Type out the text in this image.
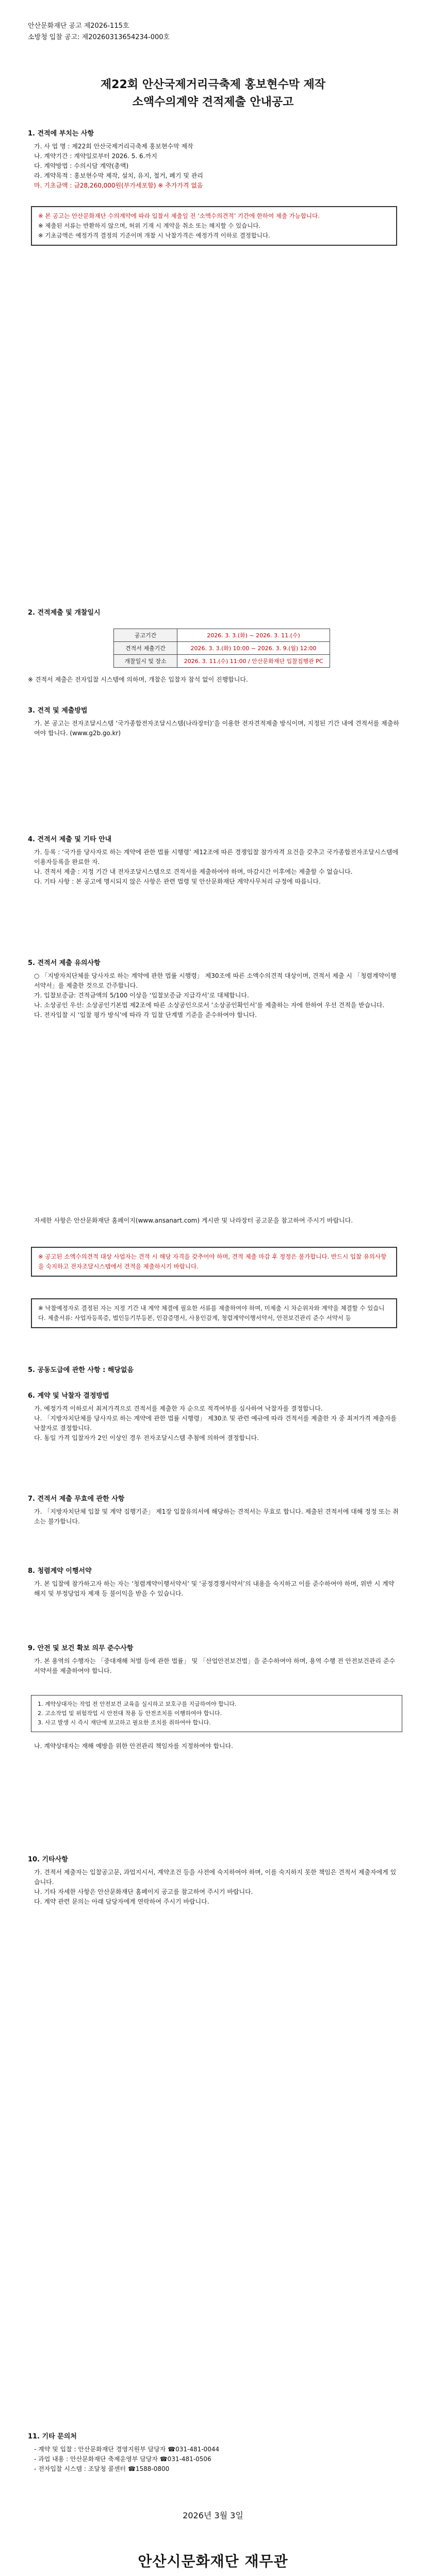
안산문화재단 공고 제2026-115호
소방청 입찰 공고: 제20260313654234-000호
제22회 안산국제거리극축제 홍보현수막 제작
소액수의계약 견적제출 안내공고
1. 견적에 부치는 사항
가. 사 업 명 : 제22회 안산국제거리극축제 홍보현수막 제작
나. 계약기간 : 계약일로부터 2026. 5. 6.까지
다. 계약방법 : 수의시담 계약(총액)
라. 계약목적 : 홍보현수막 제작, 설치, 유지, 철거, 폐기 및 관리
마. 기초금액 : 금28,260,000원(부가세포함) ※ 추가가격 없음
※ 본 공고는 안산문화재단 수의계약에 따라 입찰서 제출일 전 ‘소액수의견적’ 기간에 한하여 제출 가능합니다.
※ 제출된 서류는 반환하지 않으며, 허위 기재 시 계약을 취소 또는 해지할 수 있습니다.
※ 기초금액은 예정가격 결정의 기준이며 개찰 시 낙찰가격은 예정가격 이하로 결정합니다.
2. 견적제출 및 개찰일시
공고기간	2026. 3. 3.(화) ~ 2026. 3. 11.(수)
견적서 제출기간	2026. 3. 3.(화) 10:00 ~ 2026. 3. 9.(월) 12:00
개찰일시 및 장소	2026. 3. 11.(수) 11:00 / 안산문화재단 입찰집행관 PC
※ 견적서 제출은 전자입찰 시스템에 의하며, 개찰은 입찰자 참석 없이 진행합니다.
3. 견적 및 제출방법
가. 본 공고는 전자조달시스템 ‘국가종합전자조달시스템(나라장터)’을 이용한 전자견적제출 방식이며, 지정된 기간 내에 견적서를 제출하여야 합니다. (www.g2b.go.kr)
4. 견적서 제출 및 기타 안내
가. 등록 : ‘국가를 당사자로 하는 계약에 관한 법률 시행령’ 제12조에 따른 경쟁입찰 참가자격 요건을 갖추고 국가종합전자조달시스템에 이용자등록을 완료한 자.
나. 견적서 제출 : 지정 기간 내 전자조달시스템으로 견적서를 제출하여야 하며, 마감시간 이후에는 제출할 수 없습니다.
다. 기타 사항 : 본 공고에 명시되지 않은 사항은 관련 법령 및 안산문화재단 계약사무처리 규정에 따릅니다.
5. 견적서 제출 유의사항
○ 「지방자치단체를 당사자로 하는 계약에 관한 법률 시행령」 제30조에 따른 소액수의견적 대상이며, 견적서 제출 시 「청렴계약이행서약서」를 제출한 것으로 간주합니다.
가. 입찰보증금: 견적금액의 5/100 이상을 ‘입찰보증금 지급각서’로 대체합니다.
나. 소상공인 우선: 소상공인기본법 제2조에 따른 소상공인으로서 ‘소상공인확인서’를 제출하는 자에 한하여 우선 견적을 받습니다.
다. 전자입찰 시 ‘입찰 평가 방식’에 따라 각 입찰 단계별 기준을 준수하여야 합니다.
자세한 사항은 안산문화재단 홈페이지(www.ansanart.com) 게시판 및 나라장터 공고문을 참고하여 주시기 바랍니다.
※ 공고된 소액수의견적 대상 사업자는 견적 시 해당 자격을 갖추어야 하며, 견적 제출 마감 후 정정은 불가합니다. 반드시 입찰 유의사항을 숙지하고 전자조달시스템에서 견적을 제출하시기 바랍니다.
※ 낙찰예정자로 결정된 자는 지정 기간 내 계약 체결에 필요한 서류를 제출하여야 하며, 미제출 시 차순위자와 계약을 체결할 수 있습니다. 제출서류: 사업자등록증, 법인등기부등본, 인감증명서, 사용인감계, 청렴계약이행서약서, 안전보건관리 준수 서약서 등
5. 공동도급에 관한 사항 : 해당없음
6. 계약 및 낙찰자 결정방법
가. 예정가격 이하로서 최저가격으로 견적서를 제출한 자 순으로 적격여부를 심사하여 낙찰자를 결정합니다.
나. 「지방자치단체를 당사자로 하는 계약에 관한 법률 시행령」 제30조 및 관련 예규에 따라 견적서를 제출한 자 중 최저가격 제출자를 낙찰자로 결정합니다.
다. 동일 가격 입찰자가 2인 이상인 경우 전자조달시스템 추첨에 의하여 결정합니다.
7. 견적서 제출 무효에 관한 사항
가. 「지방자치단체 입찰 및 계약 집행기준」 제1장 입찰유의서에 해당하는 견적서는 무효로 합니다. 제출된 견적서에 대해 정정 또는 취소는 불가합니다.
8. 청렴계약 이행서약
가. 본 입찰에 참가하고자 하는 자는 ‘청렴계약이행서약서’ 및 ‘공정경쟁서약서’의 내용을 숙지하고 이를 준수하여야 하며, 위반 시 계약 해지 및 부정당업자 제재 등 불이익을 받을 수 있습니다.
9. 안전 및 보건 확보 의무 준수사항
가. 본 용역의 수행자는 「중대재해 처벌 등에 관한 법률」 및 「산업안전보건법」을 준수하여야 하며, 용역 수행 전 안전보건관리 준수 서약서를 제출하여야 합니다.
1. 계약상대자는 작업 전 안전보건 교육을 실시하고 보호구를 지급하여야 합니다.
2. 고소작업 및 위험작업 시 안전대 착용 등 안전조치를 이행하여야 합니다.
3. 사고 발생 시 즉시 재단에 보고하고 필요한 조치를 취하여야 합니다.
나. 계약상대자는 재해 예방을 위한 안전관리 책임자를 지정하여야 합니다.
10. 기타사항
가. 견적서 제출자는 입찰공고문, 과업지시서, 계약조건 등을 사전에 숙지하여야 하며, 이를 숙지하지 못한 책임은 견적서 제출자에게 있습니다.
나. 기타 자세한 사항은 안산문화재단 홈페이지 공고를 참고하여 주시기 바랍니다.
다. 계약 관련 문의는 아래 담당자에게 연락하여 주시기 바랍니다.
11. 기타 문의처
- 계약 및 입찰 : 안산문화재단 경영지원부 담당자 ☎031-481-0044
- 과업 내용 : 안산문화재단 축제운영부 담당자 ☎031-481-0506
- 전자입찰 시스템 : 조달청 콜센터 ☎1588-0800
2026년 3월 3일
안산시문화재단 재무관
